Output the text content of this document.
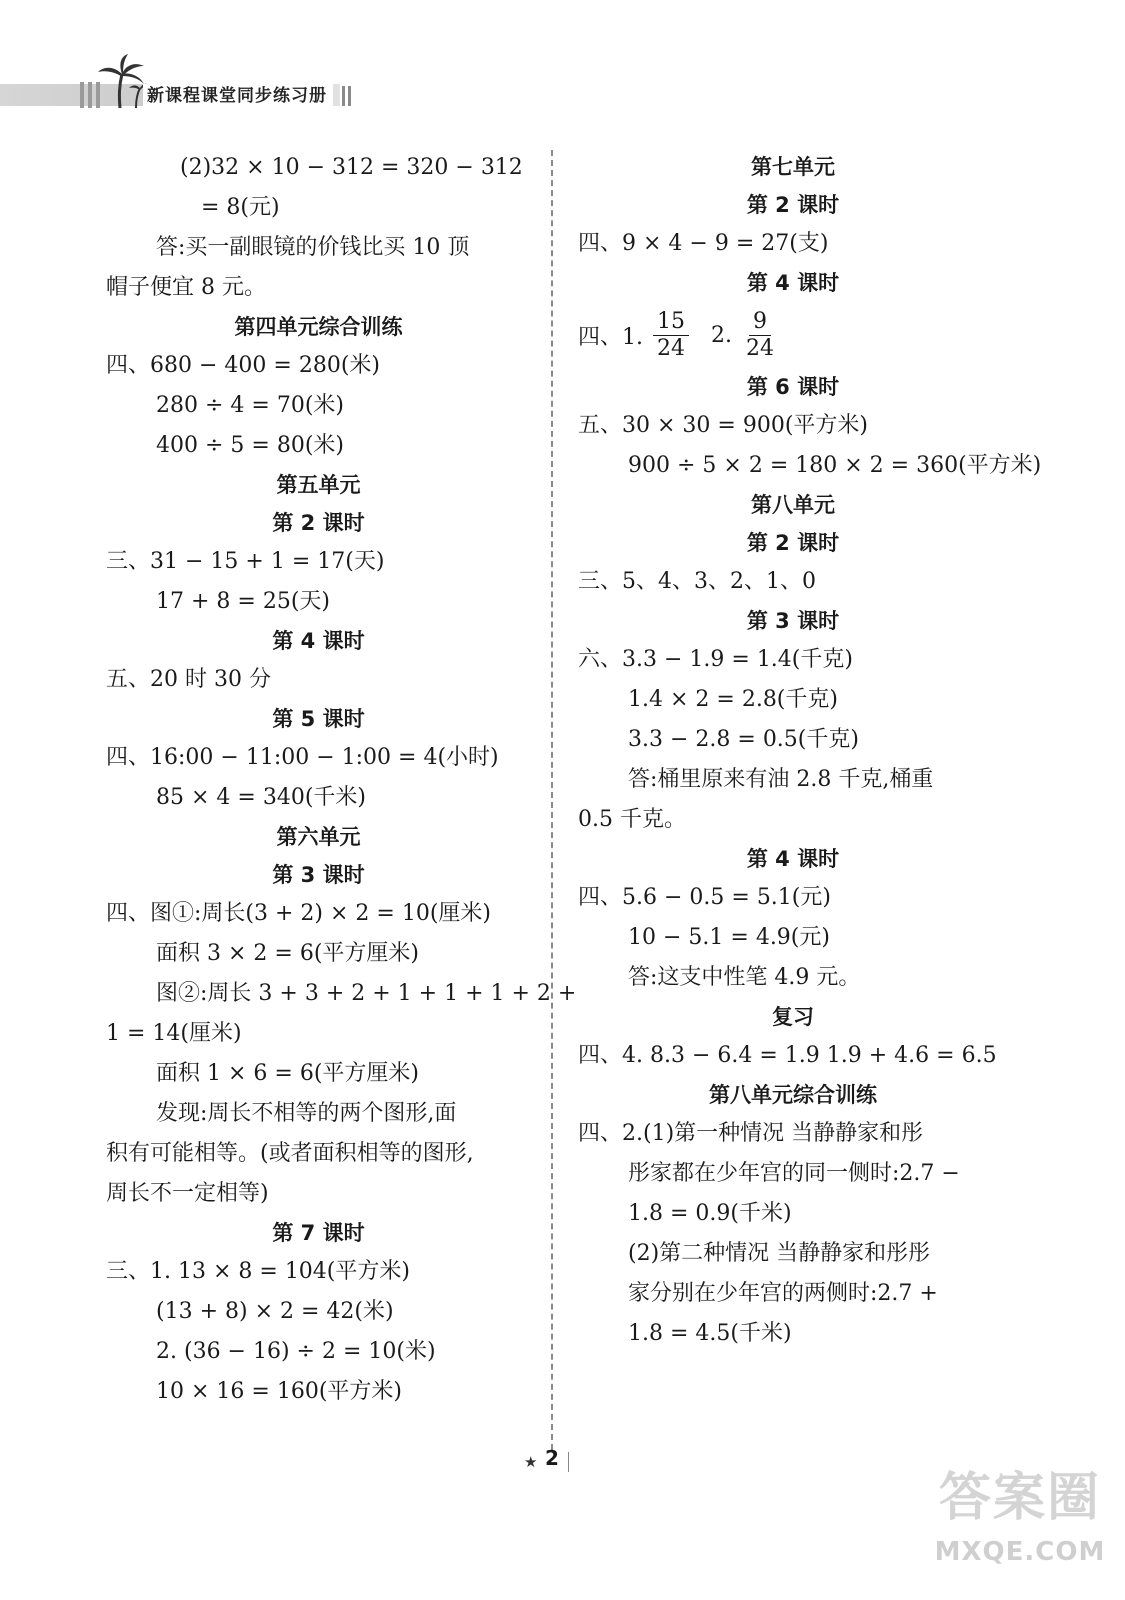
新课程课堂同步练习册
(2)32 × 10 − 312 = 320 − 312
= 8(元)
答:买一副眼镜的价钱比买 10 顶
帽子便宜 8 元。
第四单元综合训练
四、680 − 400 = 280(米)
280 ÷ 4 = 70(米)
400 ÷ 5 = 80(米)
第五单元
第 2 课时
三、31 − 15 + 1 = 17(天)
17 + 8 = 25(天)
第 4 课时
五、20 时 30 分
第 5 课时
四、16:00 − 11:00 − 1:00 = 4(小时)
85 × 4 = 340(千米)
第六单元
第 3 课时
四、图①:周长(3 + 2) × 2 = 10(厘米)
面积 3 × 2 = 6(平方厘米)
图②:周长 3 + 3 + 2 + 1 + 1 + 1 + 2 +
1 = 14(厘米)
面积 1 × 6 = 6(平方厘米)
发现:周长不相等的两个图形,面
积有可能相等。(或者面积相等的图形,
周长不一定相等)
第 7 课时
三、1. 13 × 8 = 104(平方米)
(13 + 8) × 2 = 42(米)
2. (36 − 16) ÷ 2 = 10(米)
10 × 16 = 160(平方米)
第七单元
第 2 课时
四、9 × 4 − 9 = 27(支)
第 4 课时
四、1. $\frac{15}{24} 2$. $\frac{9}{24}$
第 6 课时
五、30 × 30 = 900(平方米)
900 ÷ 5 × 2 = 180 × 2 = 360(平方米)
第八单元
第 2 课时
三、5、4、3、2、1、0
第 3 课时
六、3.3 − 1.9 = 1.4(千克)
1.4 × 2 = 2.8(千克)
3.3 − 2.8 = 0.5(千克)
答:桶里原来有油 2.8 千克,桶重
0.5 千克。
第 4 课时
四、5.6 − 0.5 = 5.1(元)
10 − 5.1 = 4.9(元)
答:这支中性笔 4.9 元。
复习
四、4. 8.3 − 6.4 = 1.9 1.9 + 4.6 = 6.5
第八单元综合训练
四、2.(1)第一种情况 当静静家和彤
彤家都在少年宫的同一侧时:2.7 −
1.8 = 0.9(千米)
(2)第二种情况 当静静家和彤彤
家分别在少年宫的两侧时:2.7 +
1.8 = 4.5(千米)
★ 2
答案圈
MXQE.COM
